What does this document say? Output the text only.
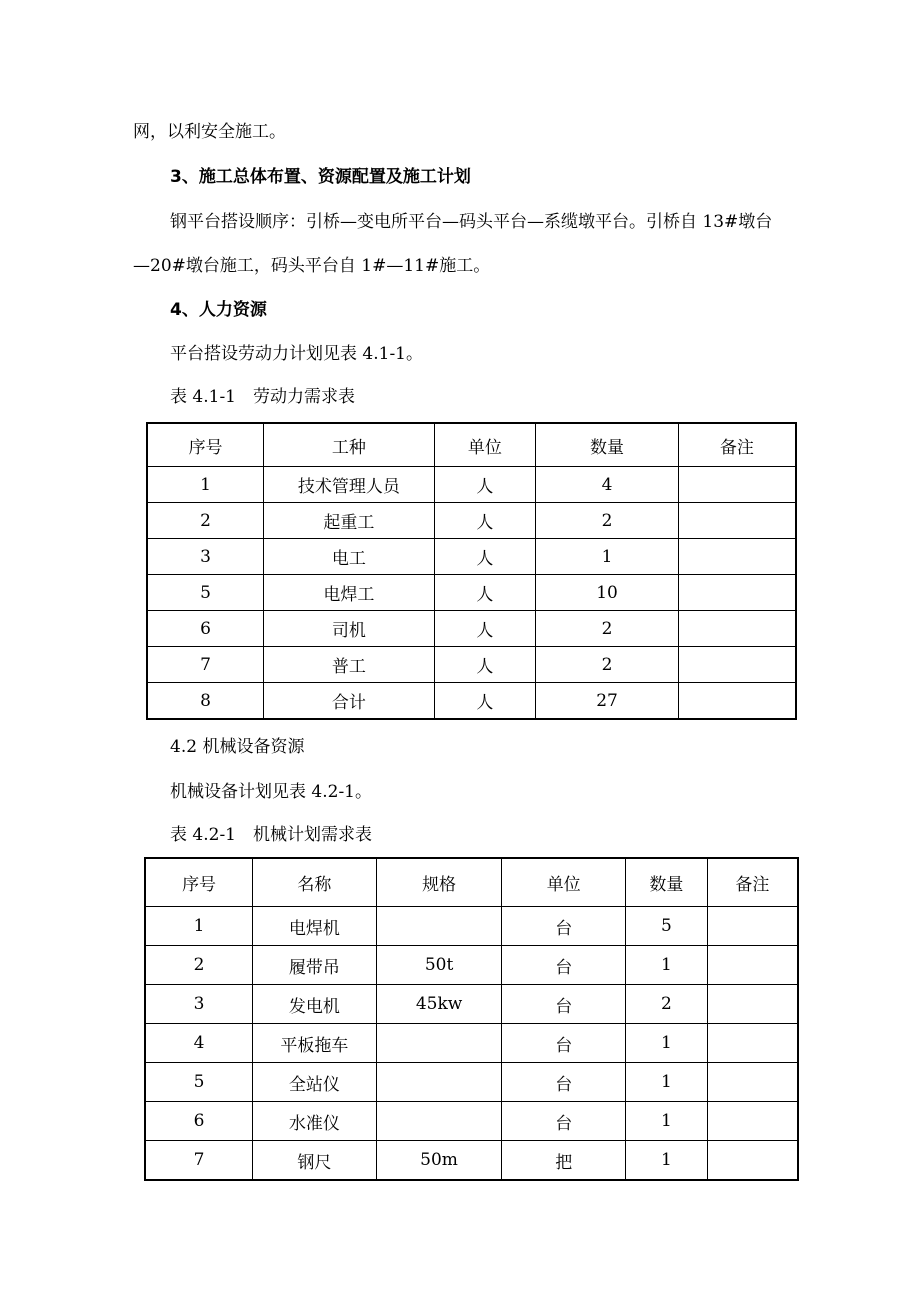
网，以利安全施工。
3、施工总体布置、资源配置及施工计划
钢平台搭设顺序：引桥—变电所平台—码头平台—系缆墩平台。引桥自 13#墩台
—20#墩台施工，码头平台自 1#—11#施工。
4、人力资源
平台搭设劳动力计划见表 4.1-1。
表 4.1-1　劳动力需求表
序号	工种	单位	数量	备注
1	技术管理人员	人	4	
2	起重工	人	2	
3	电工	人	1	
5	电焊工	人	10	
6	司机	人	2	
7	普工	人	2	
8	合计	人	27	
4.2 机械设备资源
机械设备计划见表 4.2-1。
表 4.2-1　机械计划需求表
序号	名称	规格	单位	数量	备注
1	电焊机		台	5	
2	履带吊	50t	台	1	
3	发电机	45kw	台	2	
4	平板拖车		台	1	
5	全站仪		台	1	
6	水准仪		台	1	
7	钢尺	50m	把	1	
